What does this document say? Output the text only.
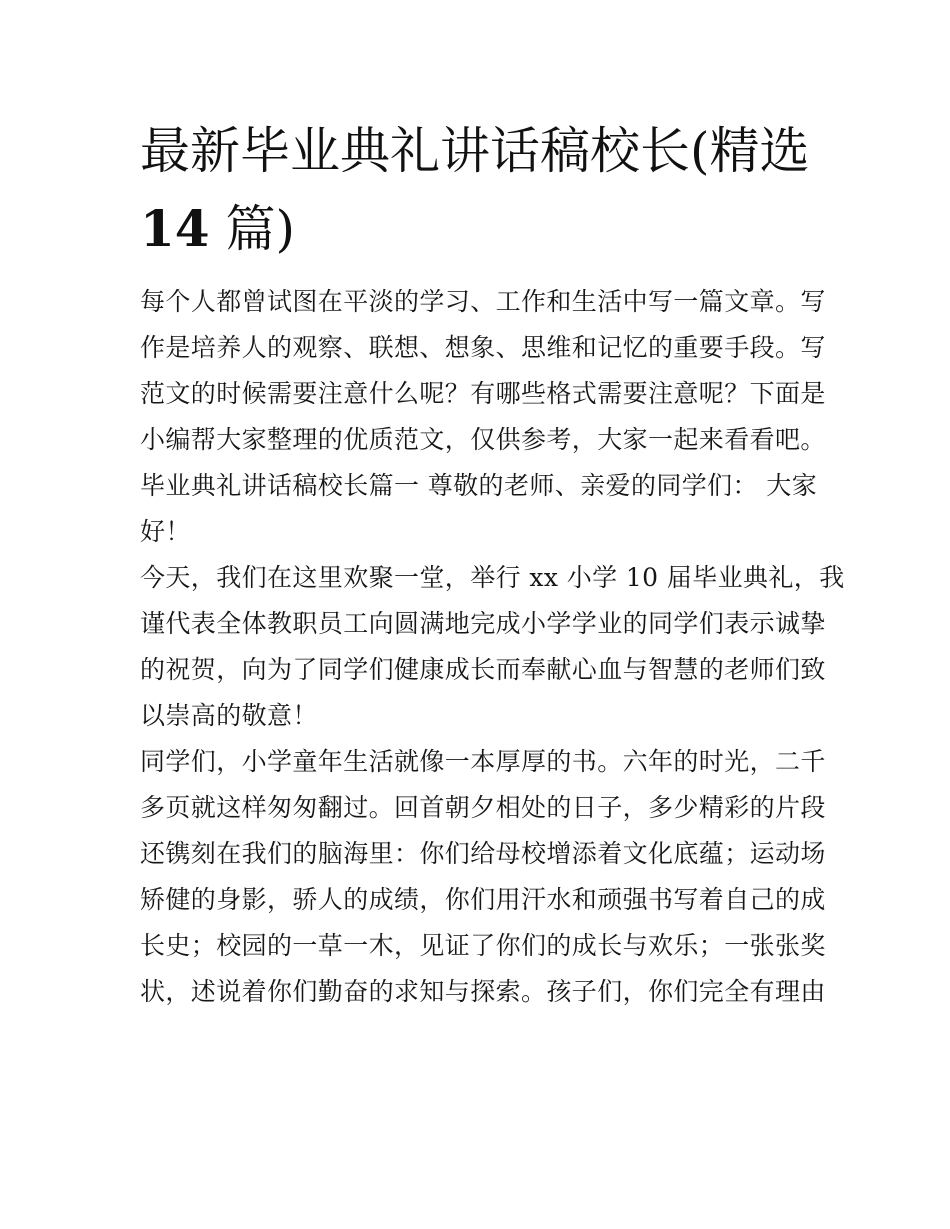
最新毕业典礼讲话稿校长(精选
14 篇)
每个人都曾试图在平淡的学习、工作和生活中写一篇文章。写
作是培养人的观察、联想、想象、思维和记忆的重要手段。写
范文的时候需要注意什么呢？有哪些格式需要注意呢？下面是
小编帮大家整理的优质范文，仅供参考，大家一起来看看吧。
毕业典礼讲话稿校长篇一 尊敬的老师、亲爱的同学们： 大家
好！
今天，我们在这里欢聚一堂，举行 xx 小学 10 届毕业典礼，我
谨代表全体教职员工向圆满地完成小学学业的同学们表示诚挚
的祝贺，向为了同学们健康成长而奉献心血与智慧的老师们致
以崇高的敬意！
同学们，小学童年生活就像一本厚厚的书。六年的时光，二千
多页就这样匆匆翻过。回首朝夕相处的日子，多少精彩的片段
还镌刻在我们的脑海里：你们给母校增添着文化底蕴；运动场
矫健的身影，骄人的成绩，你们用汗水和顽强书写着自己的成
长史；校园的一草一木，见证了你们的成长与欢乐；一张张奖
状，述说着你们勤奋的求知与探索。孩子们，你们完全有理由
